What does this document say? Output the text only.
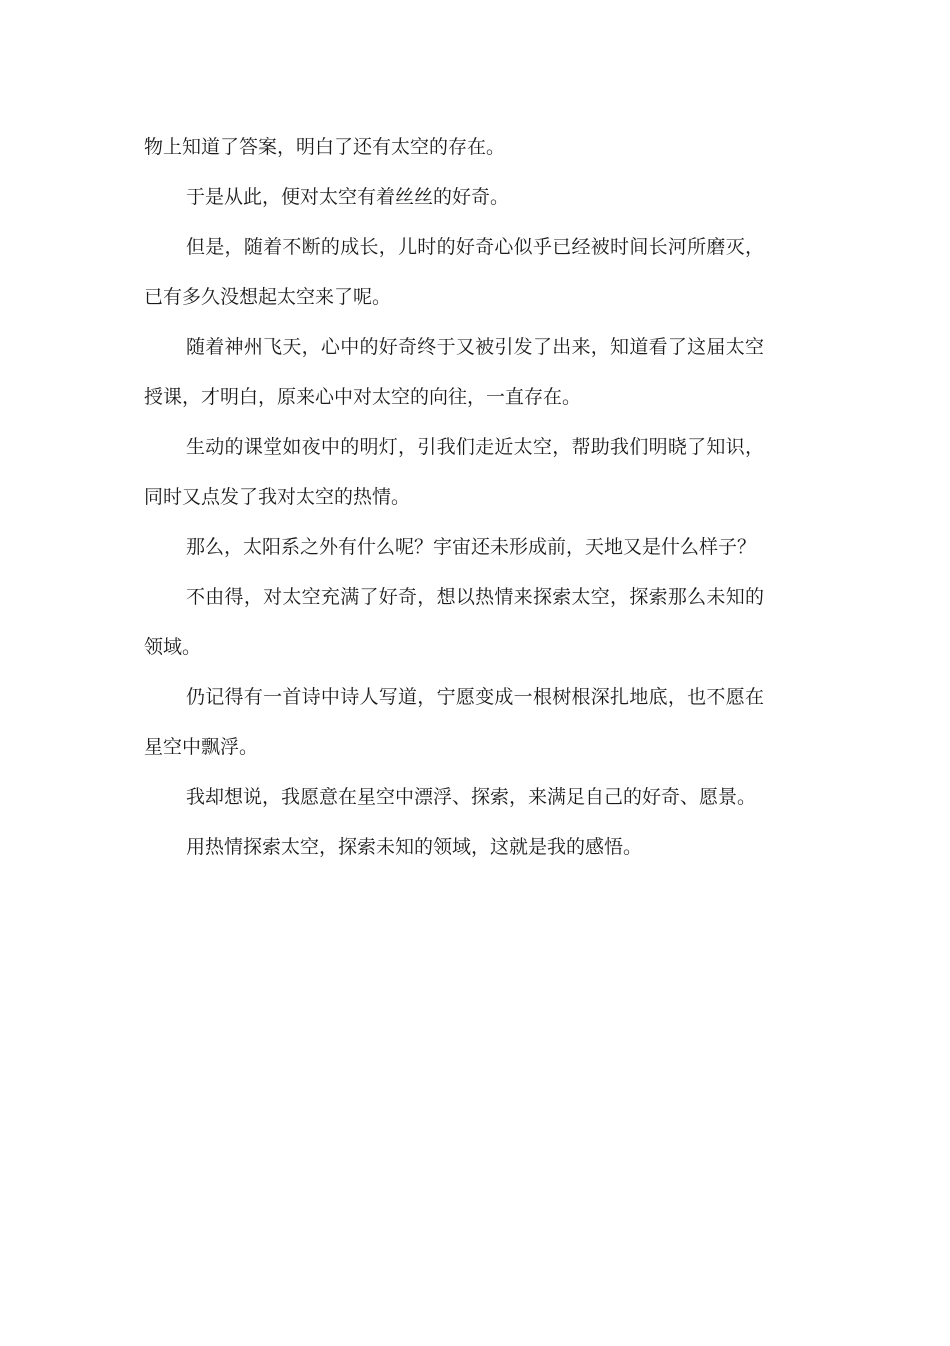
物上知道了答案，明白了还有太空的存在。

于是从此，便对太空有着丝丝的好奇。

但是，随着不断的成长，儿时的好奇心似乎已经被时间长河所磨灭，已有多久没想起太空来了呢。

随着神州飞天，心中的好奇终于又被引发了出来，知道看了这届太空授课，才明白，原来心中对太空的向往，一直存在。

生动的课堂如夜中的明灯，引我们走近太空，帮助我们明晓了知识，同时又点发了我对太空的热情。

那么，太阳系之外有什么呢？宇宙还未形成前，天地又是什么样子？

不由得，对太空充满了好奇，想以热情来探索太空，探索那么未知的领域。

仍记得有一首诗中诗人写道，宁愿变成一根树根深扎地底，也不愿在星空中飘浮。

我却想说，我愿意在星空中漂浮、探索，来满足自己的好奇、愿景。

用热情探索太空，探索未知的领域，这就是我的感悟。
